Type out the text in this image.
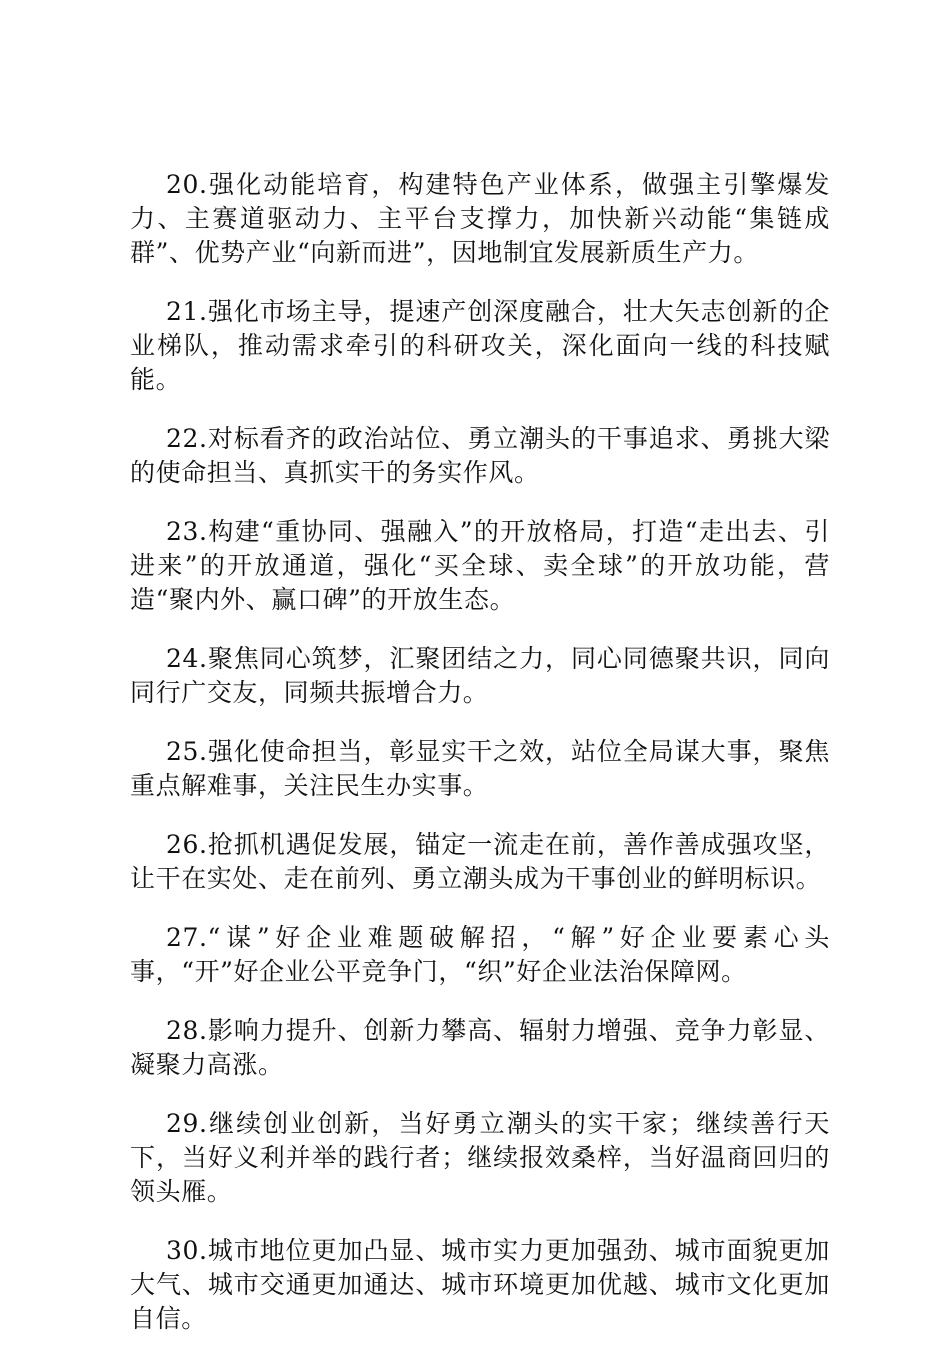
20.强化动能培育，构建特色产业体系，做强主引擎爆发力、主赛道驱动力、主平台支撑力，加快新兴动能“集链成群”、优势产业“向新而进”，因地制宜发展新质生产力。

21.强化市场主导，提速产创深度融合，壮大矢志创新的企业梯队，推动需求牵引的科研攻关，深化面向一线的科技赋能。

22.对标看齐的政治站位、勇立潮头的干事追求、勇挑大梁的使命担当、真抓实干的务实作风。

23.构建“重协同、强融入”的开放格局，打造“走出去、引进来”的开放通道，强化“买全球、卖全球”的开放功能，营造“聚内外、赢口碑”的开放生态。

24.聚焦同心筑梦，汇聚团结之力，同心同德聚共识，同向同行广交友，同频共振增合力。

25.强化使命担当，彰显实干之效，站位全局谋大事，聚焦重点解难事，关注民生办实事。

26.抢抓机遇促发展，锚定一流走在前，善作善成强攻坚，让干在实处、走在前列、勇立潮头成为干事创业的鲜明标识。

27.“谋”好企业难题破解招，“解”好企业要素心头事，“开”好企业公平竞争门，“织”好企业法治保障网。

28.影响力提升、创新力攀高、辐射力增强、竞争力彰显、凝聚力高涨。

29.继续创业创新，当好勇立潮头的实干家；继续善行天下，当好义利并举的践行者；继续报效桑梓，当好温商回归的领头雁。

30.城市地位更加凸显、城市实力更加强劲、城市面貌更加大气、城市交通更加通达、城市环境更加优越、城市文化更加自信。
